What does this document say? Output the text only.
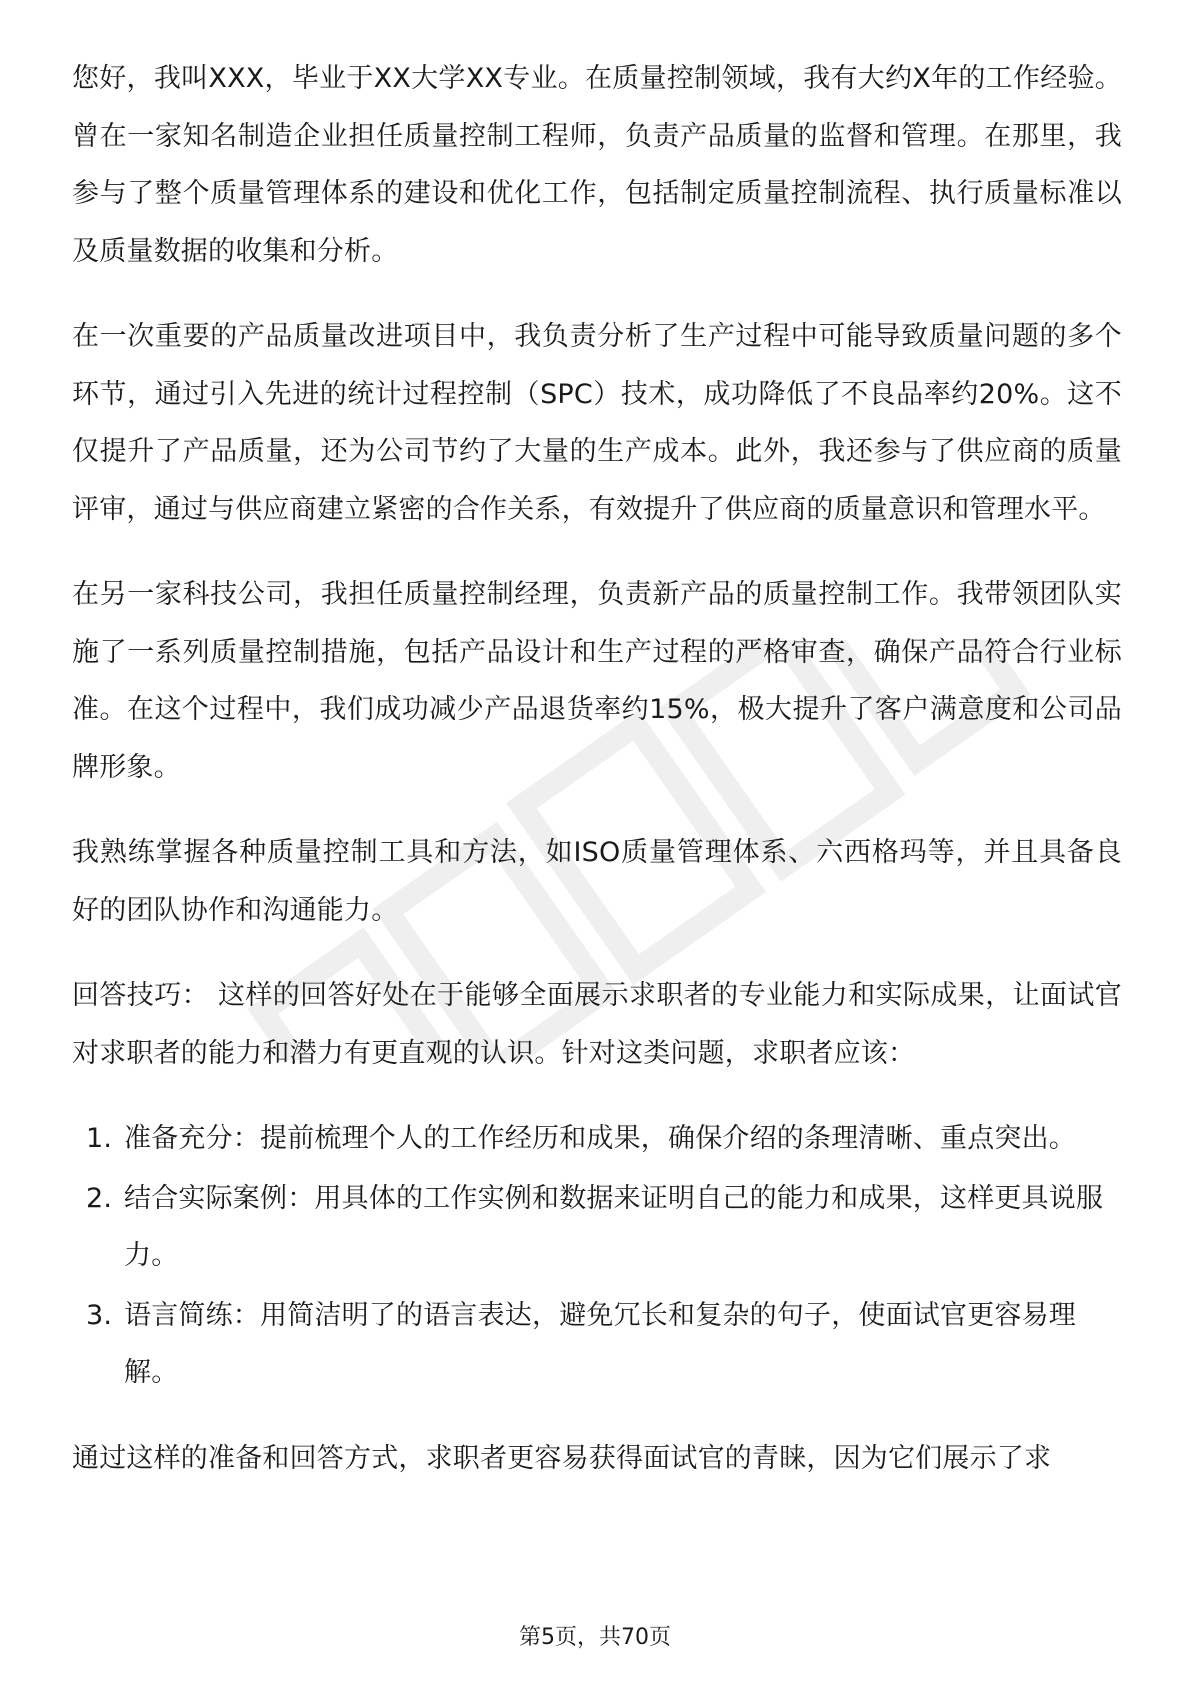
您好，我叫XXX，毕业于XX大学XX专业。在质量控制领域，我有大约X年的工作经验。曾在一家知名制造企业担任质量控制工程师，负责产品质量的监督和管理。在那里，我参与了整个质量管理体系的建设和优化工作，包括制定质量控制流程、执行质量标准以及质量数据的收集和分析。

在一次重要的产品质量改进项目中，我负责分析了生产过程中可能导致质量问题的多个环节，通过引入先进的统计过程控制（SPC）技术，成功降低了不良品率约20%。这不仅提升了产品质量，还为公司节约了大量的生产成本。此外，我还参与了供应商的质量评审，通过与供应商建立紧密的合作关系，有效提升了供应商的质量意识和管理水平。

在另一家科技公司，我担任质量控制经理，负责新产品的质量控制工作。我带领团队实施了一系列质量控制措施，包括产品设计和生产过程的严格审查，确保产品符合行业标准。在这个过程中，我们成功减少产品退货率约15%，极大提升了客户满意度和公司品牌形象。

我熟练掌握各种质量控制工具和方法，如ISO质量管理体系、六西格玛等，并且具备良好的团队协作和沟通能力。

回答技巧： 这样的回答好处在于能够全面展示求职者的专业能力和实际成果，让面试官对求职者的能力和潜力有更直观的认识。针对这类问题，求职者应该：

1. 准备充分：提前梳理个人的工作经历和成果，确保介绍的条理清晰、重点突出。
2. 结合实际案例：用具体的工作实例和数据来证明自己的能力和成果，这样更具说服力。
3. 语言简练：用简洁明了的语言表达，避免冗长和复杂的句子，使面试官更容易理解。

通过这样的准备和回答方式，求职者更容易获得面试官的青睐，因为它们展示了求

第5页，共70页
